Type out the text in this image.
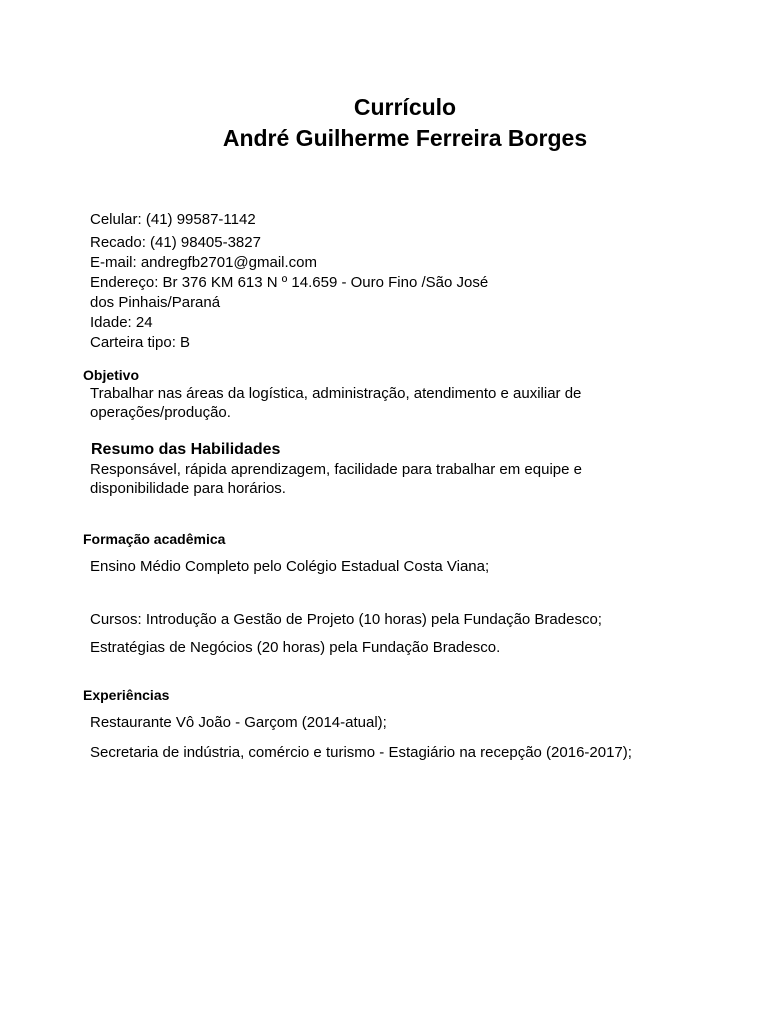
Currículo
André Guilherme Ferreira Borges
Celular: (41) 99587-1142
Recado: (41) 98405-3827
E-mail: andregfb2701@gmail.com
Endereço: Br 376 KM 613 N º 14.659 - Ouro Fino /São José
dos Pinhais/Paraná
Idade: 24
Carteira tipo: B
Objetivo
Trabalhar nas áreas da logística, administração, atendimento e auxiliar de
operações/produção.
Resumo das Habilidades
Responsável, rápida aprendizagem, facilidade para trabalhar em equipe e
disponibilidade para horários.
Formação acadêmica
Ensino Médio Completo pelo Colégio Estadual Costa Viana;
Cursos: Introdução a Gestão de Projeto (10 horas) pela Fundação Bradesco;
Estratégias de Negócios (20 horas) pela Fundação Bradesco.
Experiências
Restaurante Vô João - Garçom (2014-atual);
Secretaria de indústria, comércio e turismo - Estagiário na recepção (2016-2017);
